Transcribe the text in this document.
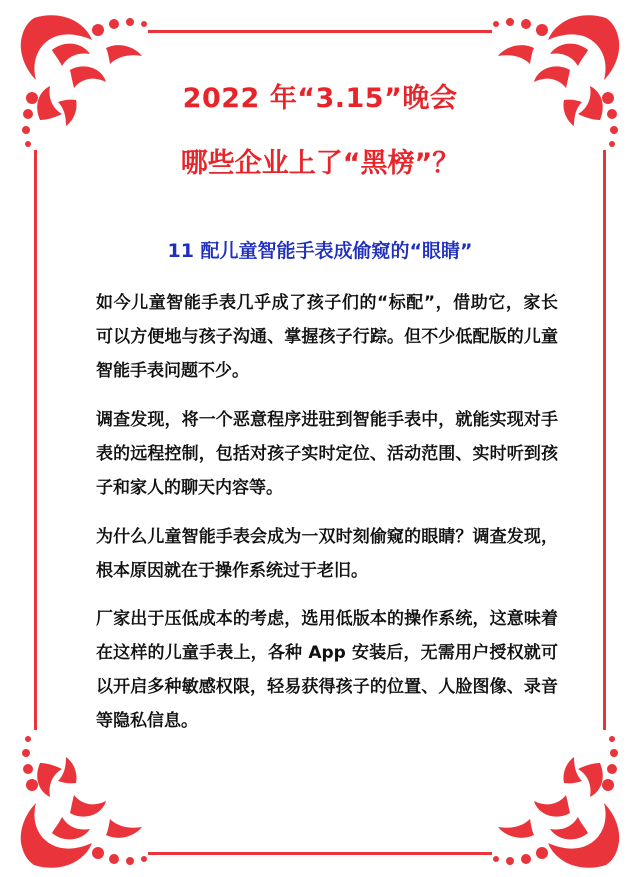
2022 年“3.15”晚会
哪些企业上了“黑榜”？
11 配儿童智能手表成偷窥的“眼睛”
如今儿童智能手表几乎成了孩子们的“标配”，借助它，家长可以方便地与孩子沟通、掌握孩子行踪。但不少低配版的儿童智能手表问题不少。
调查发现，将一个恶意程序进驻到智能手表中，就能实现对手表的远程控制，包括对孩子实时定位、活动范围、实时听到孩子和家人的聊天内容等。
为什么儿童智能手表会成为一双时刻偷窥的眼睛？调查发现，根本原因就在于操作系统过于老旧。
厂家出于压低成本的考虑，选用低版本的操作系统，这意味着在这样的儿童手表上，各种 App 安装后，无需用户授权就可以开启多种敏感权限，轻易获得孩子的位置、人脸图像、录音等隐私信息。
